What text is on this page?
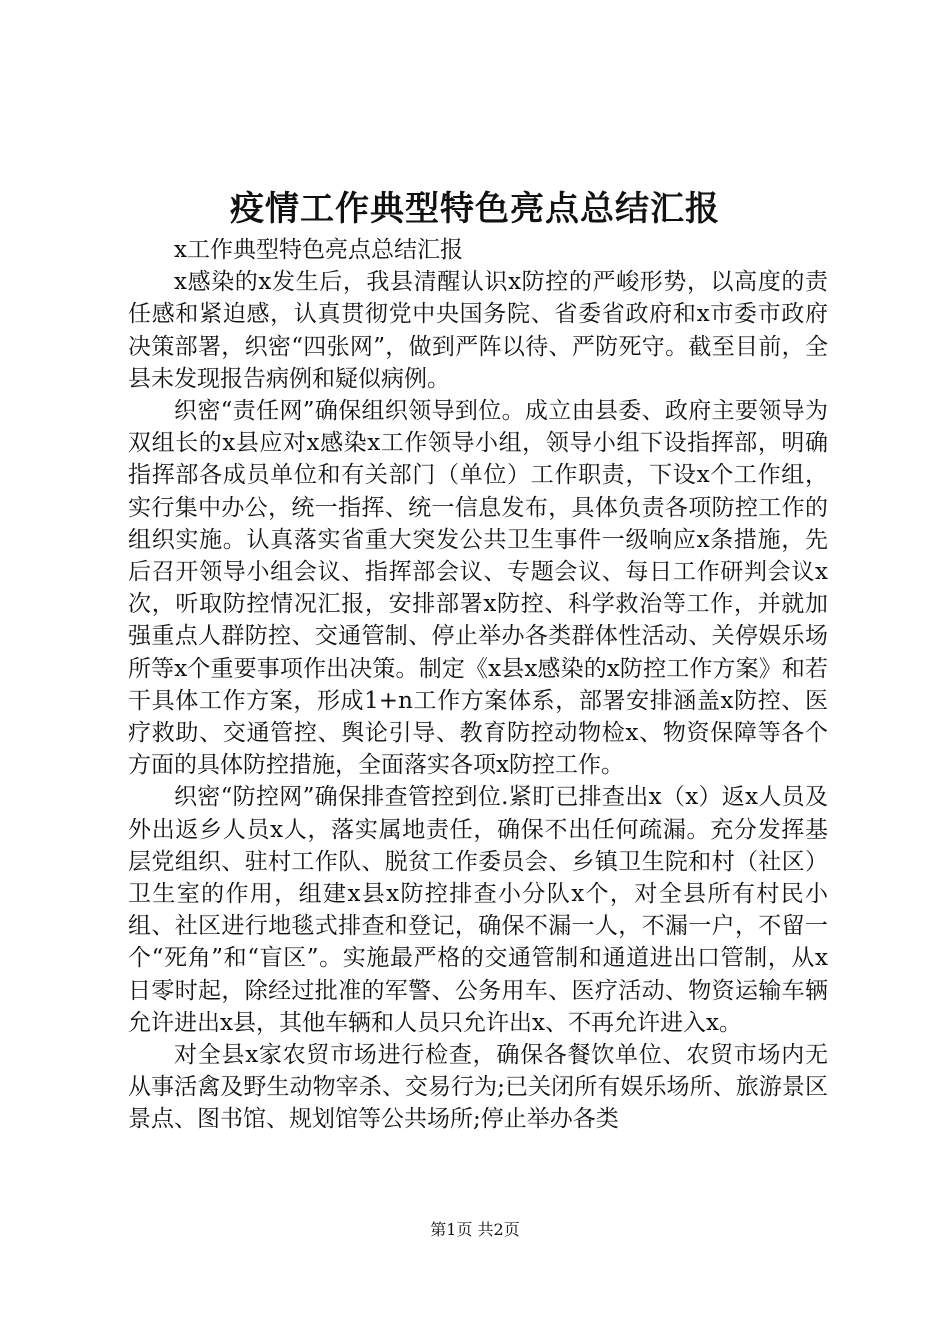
疫情工作典型特色亮点总结汇报

x工作典型特色亮点总结汇报

x感染的x发生后，我县清醒认识x防控的严峻形势，以高度的责任感和紧迫感，认真贯彻党中央国务院、省委省政府和x市委市政府决策部署，织密“四张网”，做到严阵以待、严防死守。截至目前，全县未发现报告病例和疑似病例。

织密“责任网”确保组织领导到位。成立由县委、政府主要领导为双组长的x县应对x感染x工作领导小组，领导小组下设指挥部，明确指挥部各成员单位和有关部门（单位）工作职责，下设x个工作组，实行集中办公，统一指挥、统一信息发布，具体负责各项防控工作的组织实施。认真落实省重大突发公共卫生事件一级响应x条措施，先后召开领导小组会议、指挥部会议、专题会议、每日工作研判会议x次，听取防控情况汇报，安排部署x防控、科学救治等工作，并就加强重点人群防控、交通管制、停止举办各类群体性活动、关停娱乐场所等x个重要事项作出决策。制定《x县x感染的x防控工作方案》和若干具体工作方案，形成1+n工作方案体系，部署安排涵盖x防控、医疗救助、交通管控、舆论引导、教育防控动物检x、物资保障等各个方面的具体防控措施，全面落实各项x防控工作。

织密“防控网”确保排查管控到位.紧盯已排查出x（x）返x人员及外出返乡人员x人，落实属地责任，确保不出任何疏漏。充分发挥基层党组织、驻村工作队、脱贫工作委员会、乡镇卫生院和村（社区）卫生室的作用，组建x县x防控排查小分队x个，对全县所有村民小组、社区进行地毯式排查和登记，确保不漏一人，不漏一户，不留一个“死角”和“盲区”。实施最严格的交通管制和通道进出口管制，从x日零时起，除经过批准的军警、公务用车、医疗活动、物资运输车辆允许进出x县，其他车辆和人员只允许出x、不再允许进入x。

对全县x家农贸市场进行检查，确保各餐饮单位、农贸市场内无从事活禽及野生动物宰杀、交易行为;已关闭所有娱乐场所、旅游景区景点、图书馆、规划馆等公共场所;停止举办各类

第1页 共2页
